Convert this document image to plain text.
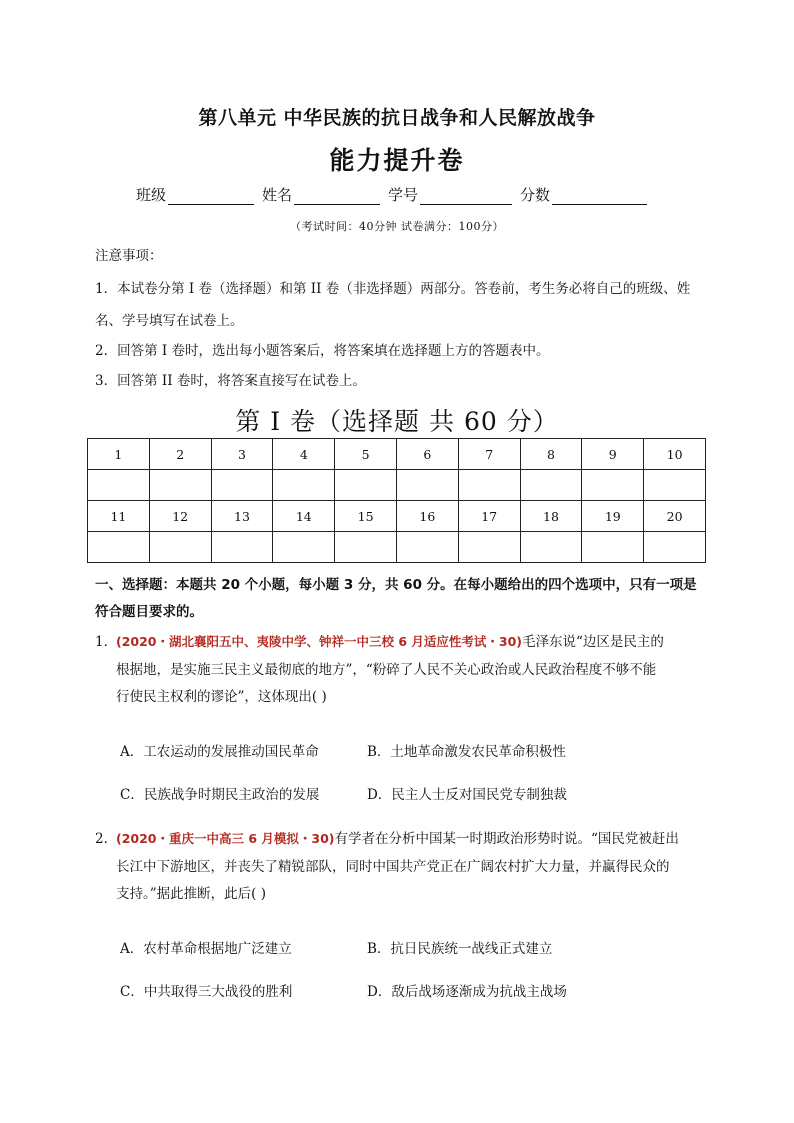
第八单元 中华民族的抗日战争和人民解放战争
能力提升卷
班级	姓名	学号	分数
（考试时间：40分钟 试卷满分：100分）
注意事项：
1．本试卷分第 I 卷（选择题）和第 II 卷（非选择题）两部分。答卷前，考生务必将自己的班级、姓
名、学号填写在试卷上。
2．回答第 I 卷时，选出每小题答案后，将答案填在选择题上方的答题表中。
3．回答第 II 卷时，将答案直接写在试卷上。
第 I 卷（选择题 共 60 分）
1	2	3	4	5	6	7	8	9	10

11	12	13	14	15	16	17	18	19	20

一、选择题：本题共 20 个小题，每小题 3 分，共 60 分。在每小题给出的四个选项中，只有一项是
符合题目要求的。
1．(2020・湖北襄阳五中、夷陵中学、钟祥一中三校 6 月适应性考试・30)毛泽东说“边区是民主的
根据地，是实施三民主义最彻底的地方”，“粉碎了人民不关心政治或人民政治程度不够不能
行使民主权利的谬论”，这体现出( )
A．工农运动的发展推动国民革命	B．土地革命激发农民革命积极性
C．民族战争时期民主政治的发展	D．民主人士反对国民党专制独裁
2．(2020・重庆一中高三 6 月模拟・30)有学者在分析中国某一时期政治形势时说。“国民党被赶出
长江中下游地区，并丧失了精锐部队，同时中国共产党正在广阔农村扩大力量，并赢得民众的
支持。”据此推断，此后( )
A．农村革命根据地广泛建立	B．抗日民族统一战线正式建立
C．中共取得三大战役的胜利	D．敌后战场逐渐成为抗战主战场
